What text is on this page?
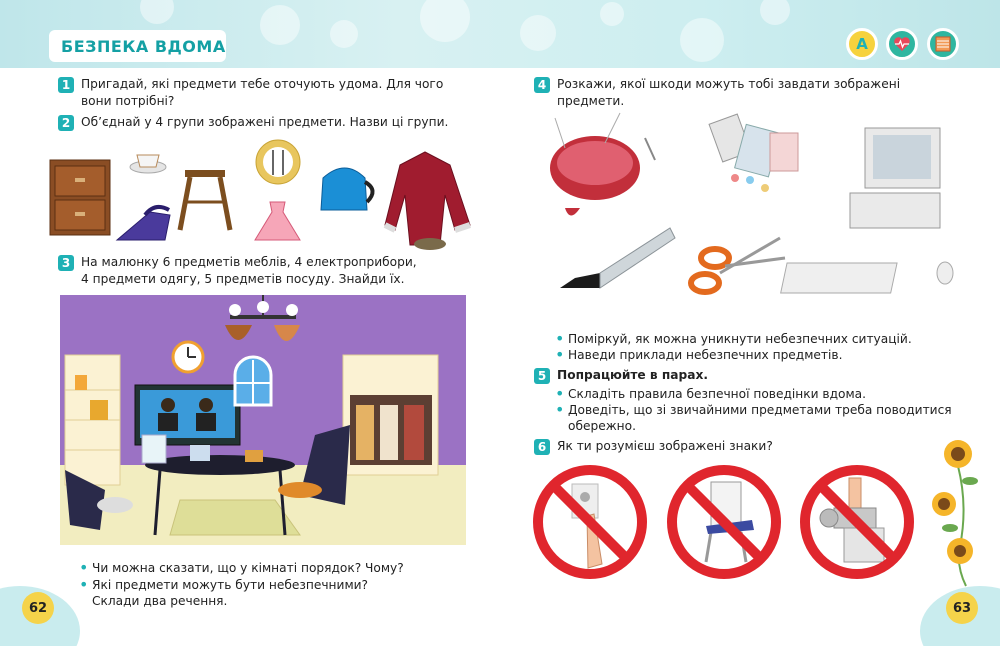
БЕЗПЕКА ВДОМА	A
62	63
1 Пригадай, які предмети тебе оточують удома. Для чого
вони потрібні?
2 Об’єднай у 4 групи зображені предмети. Назви ці групи.
3 На малюнку 6 предметів меблів, 4 електроприбори,
4 предмети одягу, 5 предметів посуду. Знайди їх.
• Чи можна сказати, що у кімнаті порядок? Чому?
• Які предмети можуть бути небезпечними?
Склади два речення.
4 Розкажи, якої шкоди можуть тобі завдати зображені
предмети.
• Поміркуй, як можна уникнути небезпечних ситуацій.
• Наведи приклади небезпечних предметів.
5 Попрацюйте в парах.
• Складіть правила безпечної поведінки вдома.
• Доведіть, що зі звичайними предметами треба поводитися
обережно.
6 Як ти розумієш зображені знаки?
